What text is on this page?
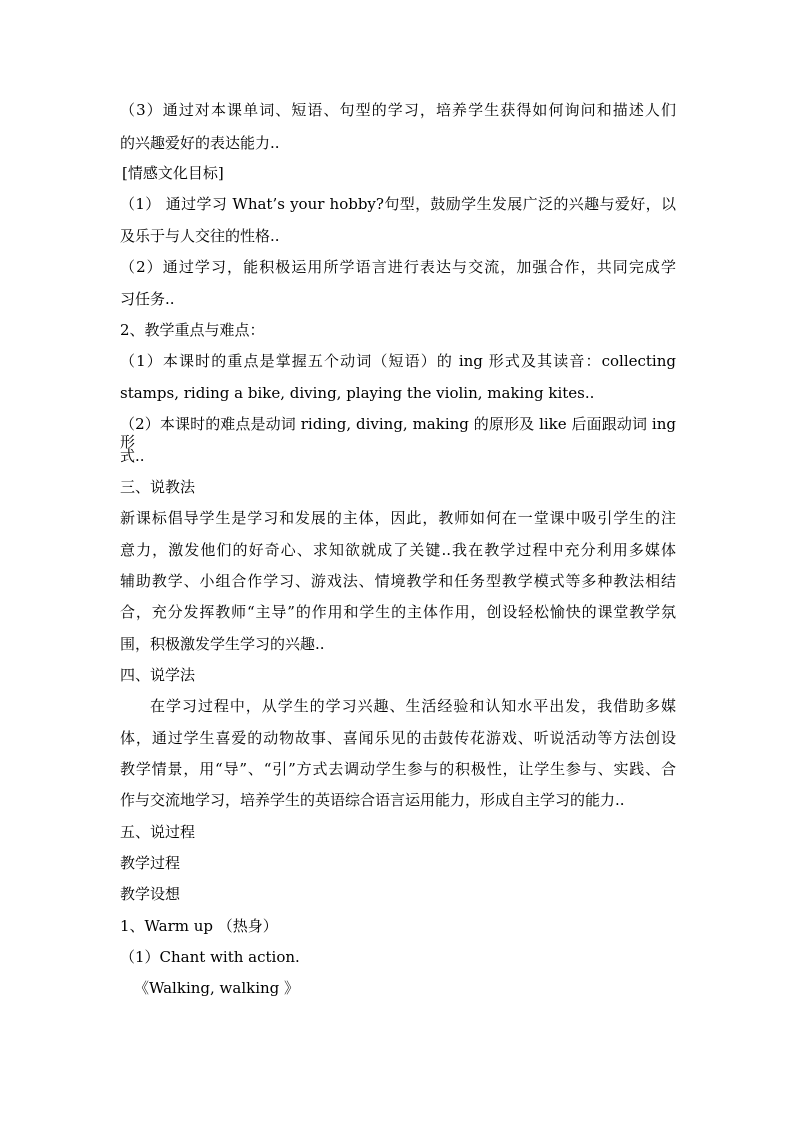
（3）通过对本课单词、短语、句型的学习，培养学生获得如何询问和描述人们
的兴趣爱好的表达能力..
[情感文化目标]
（1） 通过学习 What’s your hobby?句型，鼓励学生发展广泛的兴趣与爱好，以
及乐于与人交往的性格..
（2）通过学习，能积极运用所学语言进行表达与交流，加强合作，共同完成学
习任务..
2、教学重点与难点：
（1）本课时的重点是掌握五个动词（短语）的 ing 形式及其读音：collecting
stamps, riding a bike, diving, playing the violin, making kites..
（2）本课时的难点是动词 riding, diving, making 的原形及 like 后面跟动词 ing 形
式..
三、说教法
新课标倡导学生是学习和发展的主体，因此，教师如何在一堂课中吸引学生的注
意力，激发他们的好奇心、求知欲就成了关键..我在教学过程中充分利用多媒体
辅助教学、小组合作学习、游戏法、情境教学和任务型教学模式等多种教法相结
合，充分发挥教师“主导”的作用和学生的主体作用，创设轻松愉快的课堂教学氛
围，积极激发学生学习的兴趣..
四、说学法
在学习过程中，从学生的学习兴趣、生活经验和认知水平出发，我借助多媒
体，通过学生喜爱的动物故事、喜闻乐见的击鼓传花游戏、听说活动等方法创设
教学情景，用“导”、“引”方式去调动学生参与的积极性，让学生参与、实践、合
作与交流地学习，培养学生的英语综合语言运用能力，形成自主学习的能力..
五、说过程
教学过程
教学设想
1、Warm up （热身）
（1）Chant with action.
《Walking, walking 》
